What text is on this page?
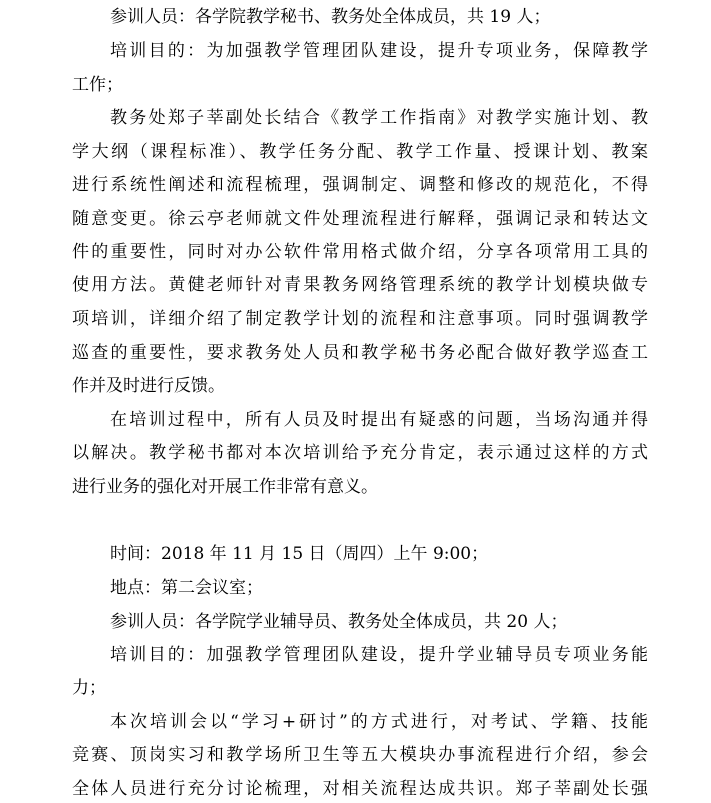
参训人员：各学院教学秘书、教务处全体成员，共 19 人；
培训目的：为加强教学管理团队建设，提升专项业务，保障教学
工作；
教务处郑子莘副处长结合《教学工作指南》对教学实施计划、教
学大纲（课程标准）、教学任务分配、教学工作量、授课计划、教案
进行系统性阐述和流程梳理，强调制定、调整和修改的规范化，不得
随意变更。徐云亭老师就文件处理流程进行解释，强调记录和转达文
件的重要性，同时对办公软件常用格式做介绍，分享各项常用工具的
使用方法。黄健老师针对青果教务网络管理系统的教学计划模块做专
项培训，详细介绍了制定教学计划的流程和注意事项。同时强调教学
巡查的重要性，要求教务处人员和教学秘书务必配合做好教学巡查工
作并及时进行反馈。
在培训过程中，所有人员及时提出有疑惑的问题，当场沟通并得
以解决。教学秘书都对本次培训给予充分肯定，表示通过这样的方式
进行业务的强化对开展工作非常有意义。
时间：2018 年 11 月 15 日（周四）上午 9:00；
地点：第二会议室；
参训人员：各学院学业辅导员、教务处全体成员，共 20 人；
培训目的：加强教学管理团队建设，提升学业辅导员专项业务能
力；
本次培训会以“学习+研讨”的方式进行，对考试、学籍、技能
竞赛、顶岗实习和教学场所卫生等五大模块办事流程进行介绍，参会
全体人员进行充分讨论梳理，对相关流程达成共识。郑子莘副处长强
